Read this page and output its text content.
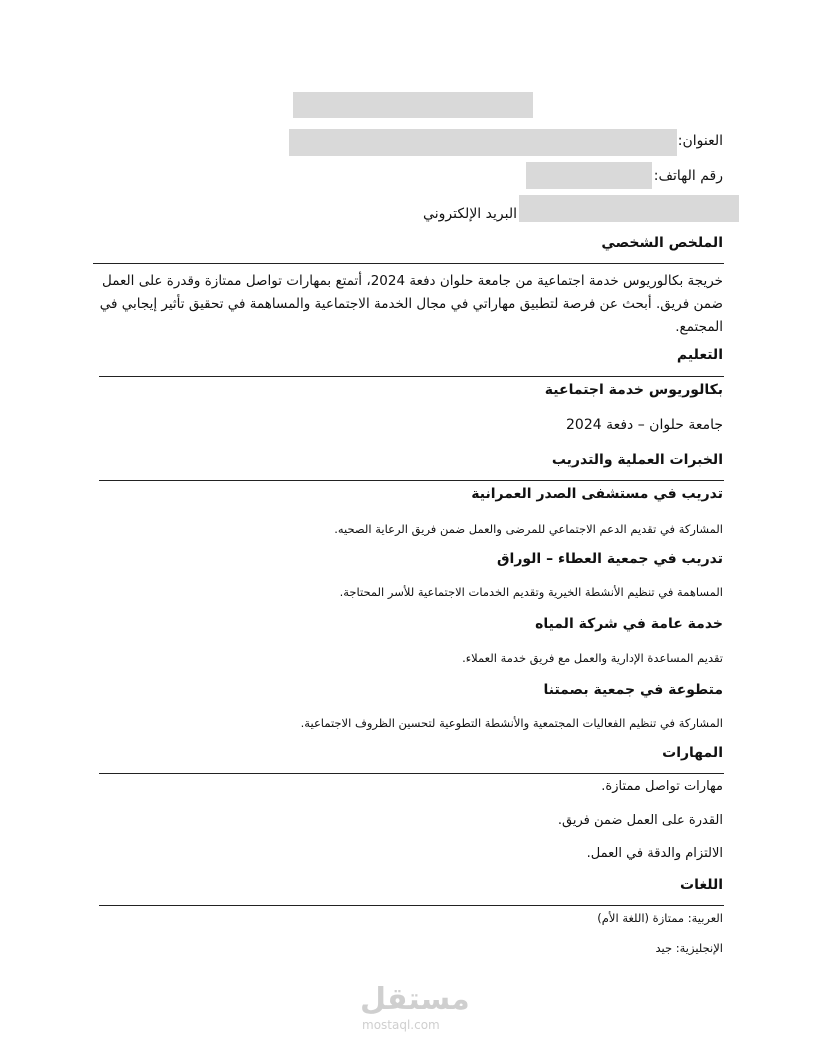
العنوان:
رقم الهاتف:
البريد الإلكتروني
الملخص الشخصي
خريجة بكالوريوس خدمة اجتماعية من جامعة حلوان دفعة 2024، أتمتع بمهارات تواصل ممتازة وقدرة على العمل ضمن فريق. أبحث عن فرصة لتطبيق مهاراتي في مجال الخدمة الاجتماعية والمساهمة في تحقيق تأثير إيجابي في المجتمع.
التعليم
بكالوريوس خدمة اجتماعية
جامعة حلوان – دفعة 2024
الخبرات العملية والتدريب
تدريب في مستشفى الصدر العمرانية
المشاركة في تقديم الدعم الاجتماعي للمرضى والعمل ضمن فريق الرعاية الصحيه.
تدريب في جمعية العطاء – الوراق
المساهمة في تنظيم الأنشطة الخيرية وتقديم الخدمات الاجتماعية للأسر المحتاجة.
خدمة عامة في شركة المياه
تقديم المساعدة الإدارية والعمل مع فريق خدمة العملاء.
متطوعة في جمعية بصمتنا
المشاركة في تنظيم الفعاليات المجتمعية والأنشطة التطوعية لتحسين الظروف الاجتماعية.
المهارات
مهارات تواصل ممتازة.
القدرة على العمل ضمن فريق.
الالتزام والدقة في العمل.
اللغات
العربية: ممتازة (اللغة الأم)
الإنجليزية: جيد
مستقل
mostaql.com
